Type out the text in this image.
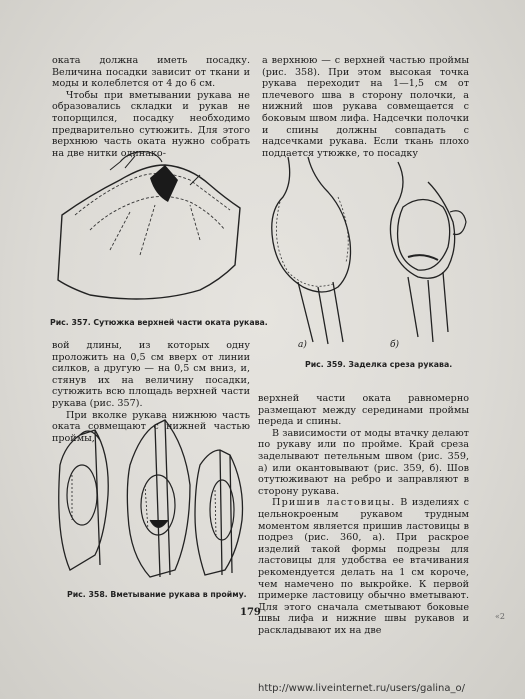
окатa должна иметь посадку. Величина посадки зависит от ткани и моды и колеблется от 4 до 6 см.

Чтобы при вметывании рукава не образовались складки и рукав не топорщился, посадку необходимо предварительно сутюжить. Для этого верхнюю часть оката нужно собрать на две нитки одинако-

а верхнюю — с верхней частью проймы (рис. 358). При этом высокая точка рукава переходит на 1—1,5 см от плечевого шва в сторону полочки, а нижний шов рукава совмещается с боковым швом лифа. Надсечки полочки и спины должны совпадать с надсечками рукава. Если ткань плохо поддается утюжке, то посадку

Рис. 357. Сутюжка верхней части оката рукава.
а)	б)
Рис. 359. Заделка среза рукава.

вой длины, из которых одну проложить на 0,5 см вверх от линии силков, а другую — на 0,5 см вниз, и, стянув их на величину посадки, сутюжить всю площадь верхней части рукава (рис. 357).

При вколке рукава нижнюю часть оката совмещают с нижней частью проймы,

Рис. 358. Вметывание рукава в пройму.

верхней части оката равномерно размещают между серединами проймы переда и спины.

В зависимости от моды втачку делают по рукаву или по пройме. Край среза заделывают петельным швом (рис. 359, а) или окантовывают (рис. 359, б). Шов отутюживают на ребро и заправляют в сторону рукава.

Пришив ластовицы. В изделиях с цельнокроеным рукавом трудным моментом является пришив ластовицы в подрез (рис. 360, а). При раскрое изделий такой формы подрезы для ластовицы для удобства ее втачивания рекомендуется делать на 1 см короче, чем намечено по выкройке. К первой примерке ластовицу обычно вметывают. Для этого сначала сметывают боковые швы лифа и нижние швы рукавов и раскладывают их на две

179	«2
http://www.liveinternet.ru/users/galina_o/
